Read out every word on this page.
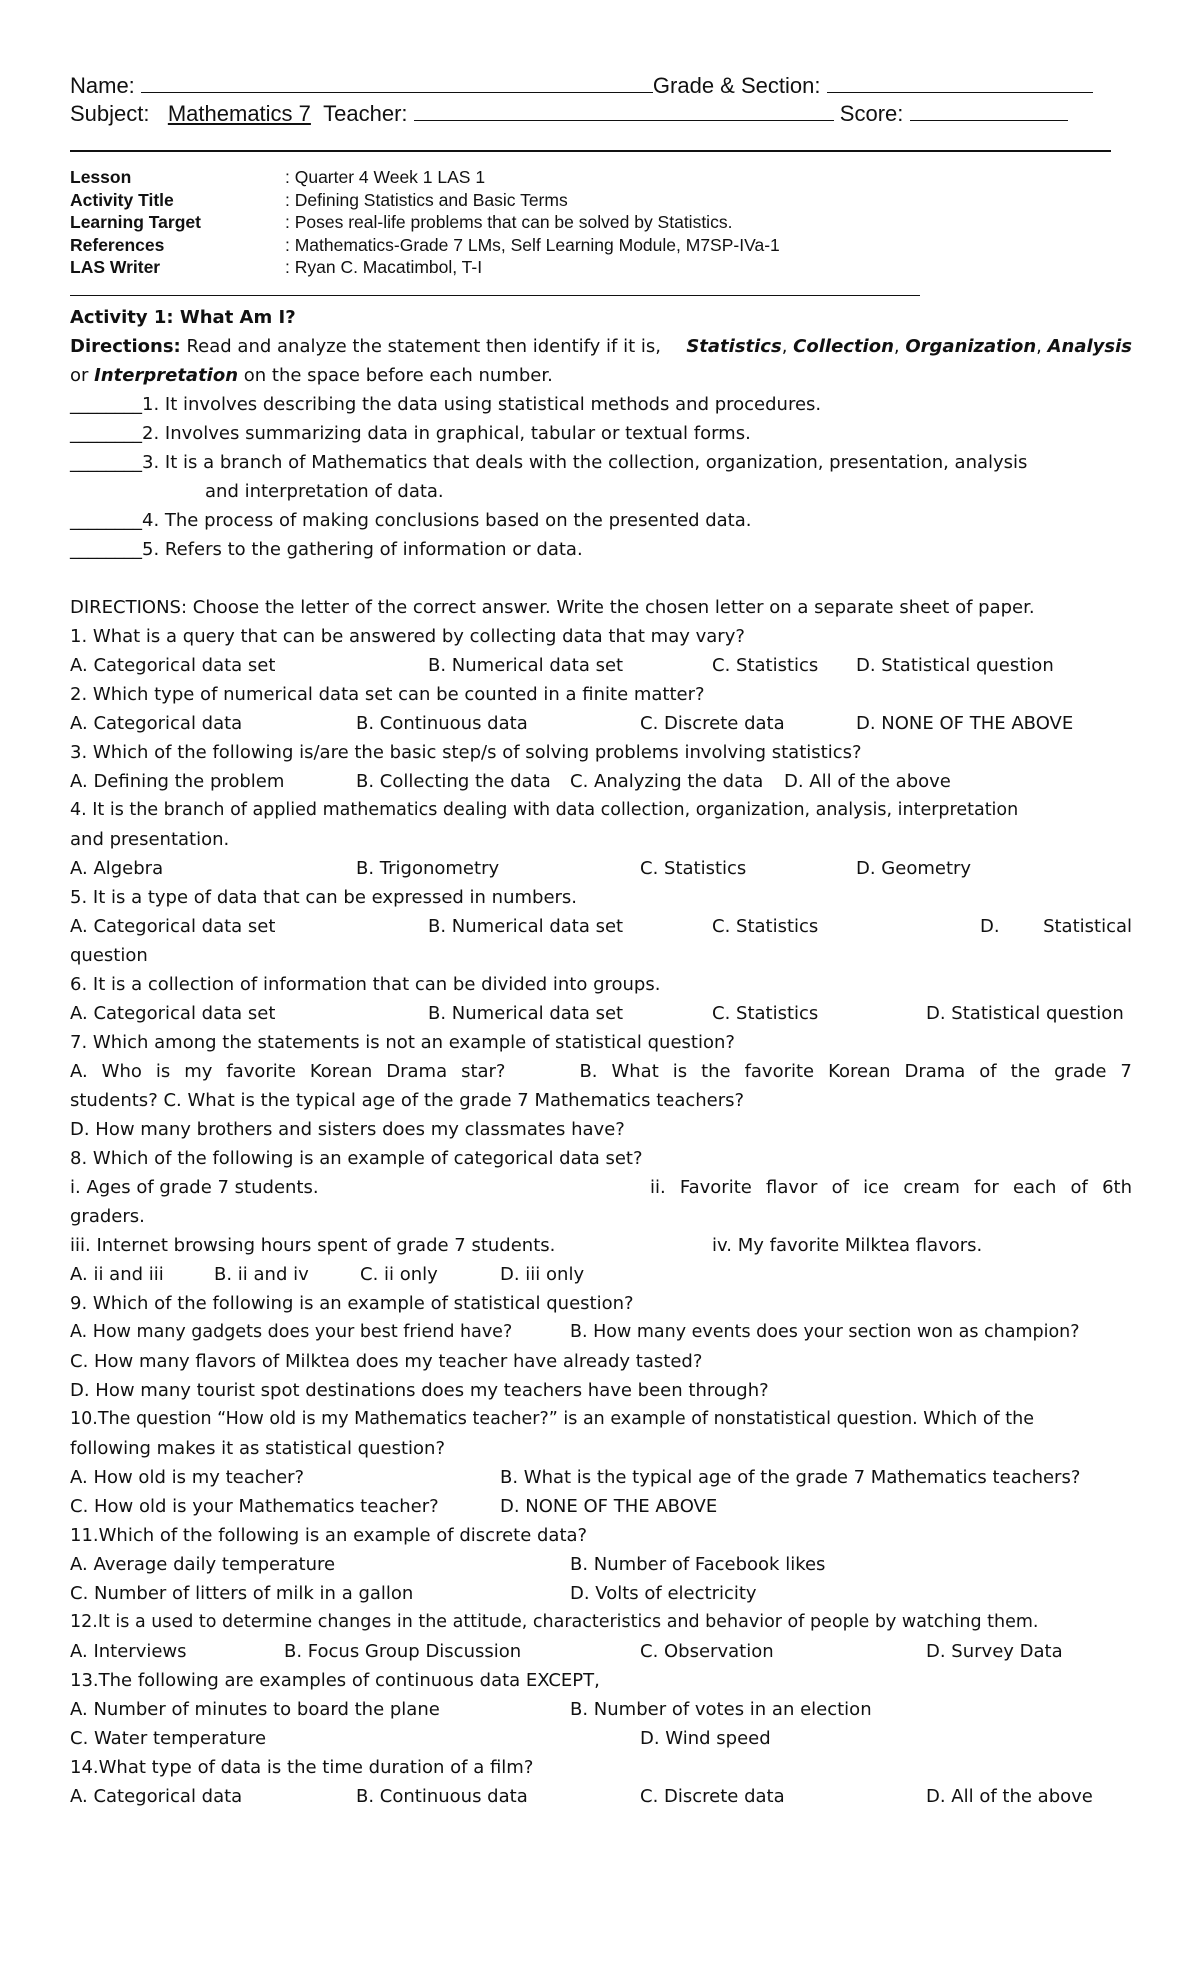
Name:	Grade & Section:
Subject: Mathematics 7 Teacher:	Score:
Lesson	: Quarter 4 Week 1 LAS 1
Activity Title	: Defining Statistics and Basic Terms
Learning Target	: Poses real-life problems that can be solved by Statistics.
References	: Mathematics-Grade 7 LMs, Self Learning Module, M7SP-IVa-1
LAS Writer	: Ryan C. Macatimbol, T-I
Activity 1: What Am I?
Directions: Read and analyze the statement then identify if it is, Statistics, Collection, Organization, Analysis
or Interpretation on the space before each number.
________1. It involves describing the data using statistical methods and procedures.
________2. Involves summarizing data in graphical, tabular or textual forms.
________3. It is a branch of Mathematics that deals with the collection, organization, presentation, analysis
and interpretation of data.
________4. The process of making conclusions based on the presented data.
________5. Refers to the gathering of information or data.
DIRECTIONS: Choose the letter of the correct answer. Write the chosen letter on a separate sheet of paper.
1. What is a query that can be answered by collecting data that may vary?
A. Categorical data set	B. Numerical data set	C. Statistics D. Statistical question
2. Which type of numerical data set can be counted in a finite matter?
A. Categorical data	B. Continuous data	C. Discrete data	D. NONE OF THE ABOVE
3. Which of the following is/are the basic step/s of solving problems involving statistics?
A. Defining the problem	B. Collecting the data C. Analyzing the data D. All of the above
4. It is the branch of applied mathematics dealing with data collection, organization, analysis, interpretation
and presentation.
A. Algebra	B. Trigonometry	C. Statistics	D. Geometry
5. It is a type of data that can be expressed in numbers.
A. Categorical data set	B. Numerical data set	C. Statistics	D. Statistical
question
6. It is a collection of information that can be divided into groups.
A. Categorical data set	B. Numerical data set	C. Statistics	D. Statistical question
7. Which among the statements is not an example of statistical question?
A. Who is my favorite Korean Drama star?	B. What is the favorite Korean Drama of the grade 7
students? C. What is the typical age of the grade 7 Mathematics teachers?
D. How many brothers and sisters does my classmates have?
8. Which of the following is an example of categorical data set?
i. Ages of grade 7 students.	ii. Favorite flavor of ice cream for each of 6th
graders.
iii. Internet browsing hours spent of grade 7 students.	iv. My favorite Milktea flavors.
A. ii and iii	B. ii and iv	C. ii only	D. iii only
9. Which of the following is an example of statistical question?
A. How many gadgets does your best friend have?	B. How many events does your section won as champion?
C. How many flavors of Milktea does my teacher have already tasted?
D. How many tourist spot destinations does my teachers have been through?
10.The question “How old is my Mathematics teacher?” is an example of nonstatistical question. Which of the
following makes it as statistical question?
A. How old is my teacher?	B. What is the typical age of the grade 7 Mathematics teachers?
C. How old is your Mathematics teacher?	D. NONE OF THE ABOVE
11.Which of the following is an example of discrete data?
A. Average daily temperature	B. Number of Facebook likes
C. Number of litters of milk in a gallon	D. Volts of electricity
12.It is a used to determine changes in the attitude, characteristics and behavior of people by watching them.
A. Interviews	B. Focus Group Discussion	C. Observation	D. Survey Data
13.The following are examples of continuous data EXCEPT,
A. Number of minutes to board the plane	B. Number of votes in an election
C. Water temperature	D. Wind speed
14.What type of data is the time duration of a film?
A. Categorical data	B. Continuous data	C. Discrete data	D. All of the above
